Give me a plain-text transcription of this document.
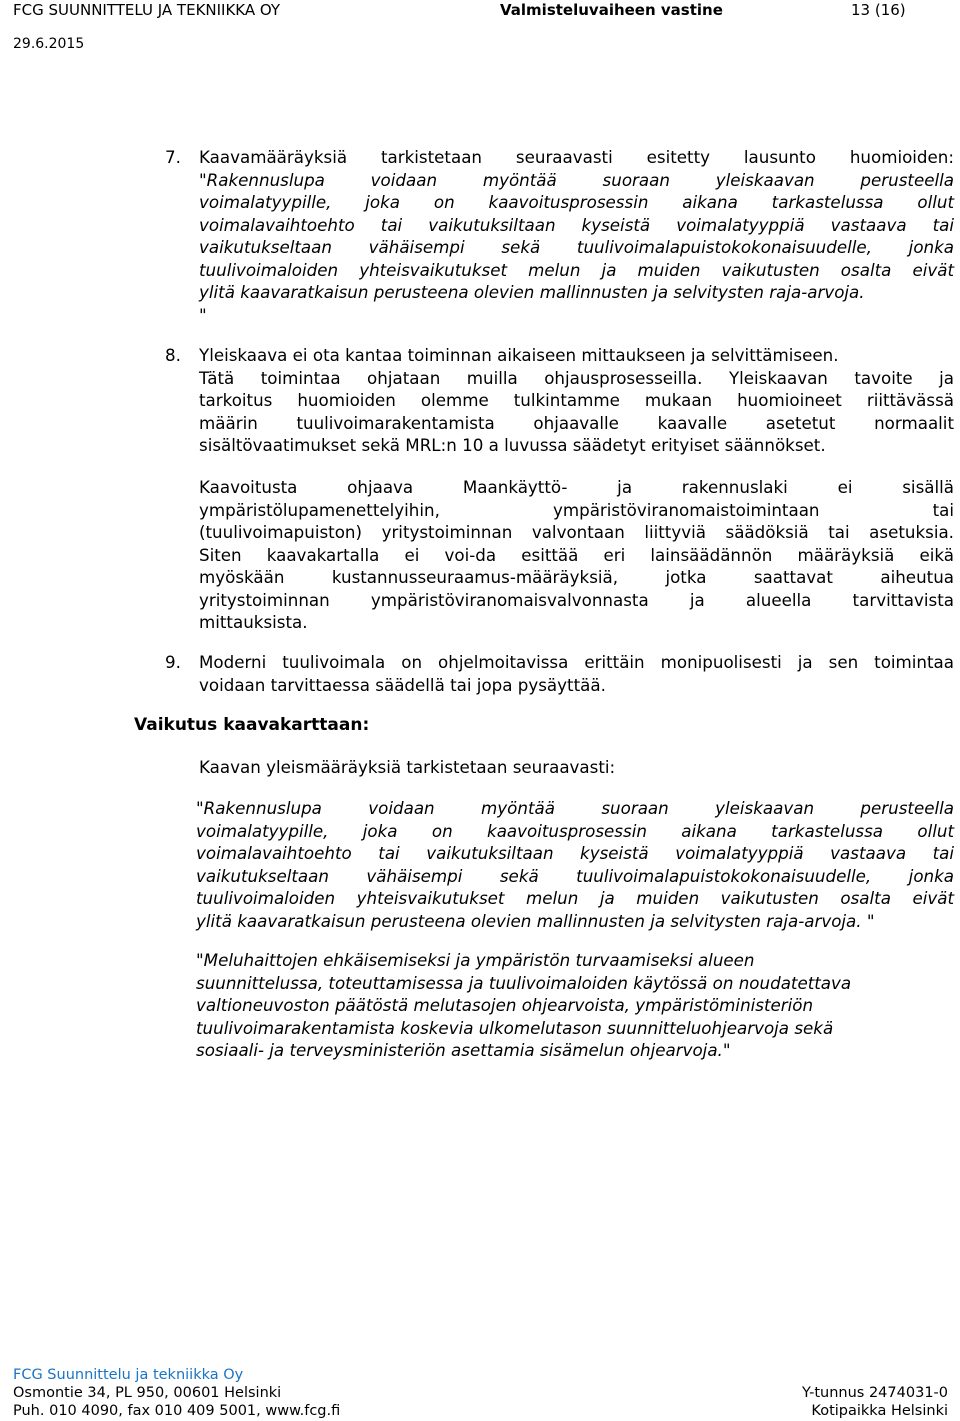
FCG SUUNNITTELU JA TEKNIIKKA OY	Valmisteluvaiheen vastine	13 (16)
29.6.2015
7. Kaavamääräyksiä tarkistetaan seuraavasti esitetty lausunto huomioiden:
"Rakennuslupa voidaan myöntää suoraan yleiskaavan perusteella
voimalatyypille, joka on kaavoitusprosessin aikana tarkastelussa ollut
voimalavaihtoehto tai vaikutuksiltaan kyseistä voimalatyyppiä vastaava tai
vaikutukseltaan vähäisempi sekä tuulivoimalapuistokokonaisuudelle, jonka
tuulivoimaloiden yhteisvaikutukset melun ja muiden vaikutusten osalta eivät
ylitä kaavaratkaisun perusteena olevien mallinnusten ja selvitysten raja-arvoja.
"
8. Yleiskaava ei ota kantaa toiminnan aikaiseen mittaukseen ja selvittämiseen.
Tätä toimintaa ohjataan muilla ohjausprosesseilla. Yleiskaavan tavoite ja
tarkoitus huomioiden olemme tulkintamme mukaan huomioineet riittävässä
määrin tuulivoimarakentamista ohjaavalle kaavalle asetetut normaalit
sisältövaatimukset sekä MRL:n 10 a luvussa säädetyt erityiset säännökset.
Kaavoitusta ohjaava Maankäyttö- ja rakennuslaki ei sisällä
ympäristölupamenettelyihin, ympäristöviranomaistoimintaan tai
(tuulivoimapuiston) yritystoiminnan valvontaan liittyviä säädöksiä tai asetuksia.
Siten kaavakartalla ei voi-da esittää eri lainsäädännön määräyksiä eikä
myöskään kustannusseuraamus-määräyksiä, jotka saattavat aiheutua
yritystoiminnan ympäristöviranomaisvalvonnasta ja alueella tarvittavista
mittauksista.
9. Moderni tuulivoimala on ohjelmoitavissa erittäin monipuolisesti ja sen toimintaa
voidaan tarvittaessa säädellä tai jopa pysäyttää.
Vaikutus kaavakarttaan:
Kaavan yleismääräyksiä tarkistetaan seuraavasti:
"Rakennuslupa voidaan myöntää suoraan yleiskaavan perusteella
voimalatyypille, joka on kaavoitusprosessin aikana tarkastelussa ollut
voimalavaihtoehto tai vaikutuksiltaan kyseistä voimalatyyppiä vastaava tai
vaikutukseltaan vähäisempi sekä tuulivoimalapuistokokonaisuudelle, jonka
tuulivoimaloiden yhteisvaikutukset melun ja muiden vaikutusten osalta eivät
ylitä kaavaratkaisun perusteena olevien mallinnusten ja selvitysten raja-arvoja. "
"Meluhaittojen ehkäisemiseksi ja ympäristön turvaamiseksi alueen
suunnittelussa, toteuttamisessa ja tuulivoimaloiden käytössä on noudatettava
valtioneuvoston päätöstä melutasojen ohjearvoista, ympäristöministeriön
tuulivoimarakentamista koskevia ulkomelutason suunnitteluohjearvoja sekä
sosiaali- ja terveysministeriön asettamia sisämelun ohjearvoja."
FCG Suunnittelu ja tekniikka Oy
Osmontie 34, PL 950, 00601 Helsinki
Puh. 010 4090, fax 010 409 5001, www.fcg.fi
Y-tunnus 2474031-0
Kotipaikka Helsinki
